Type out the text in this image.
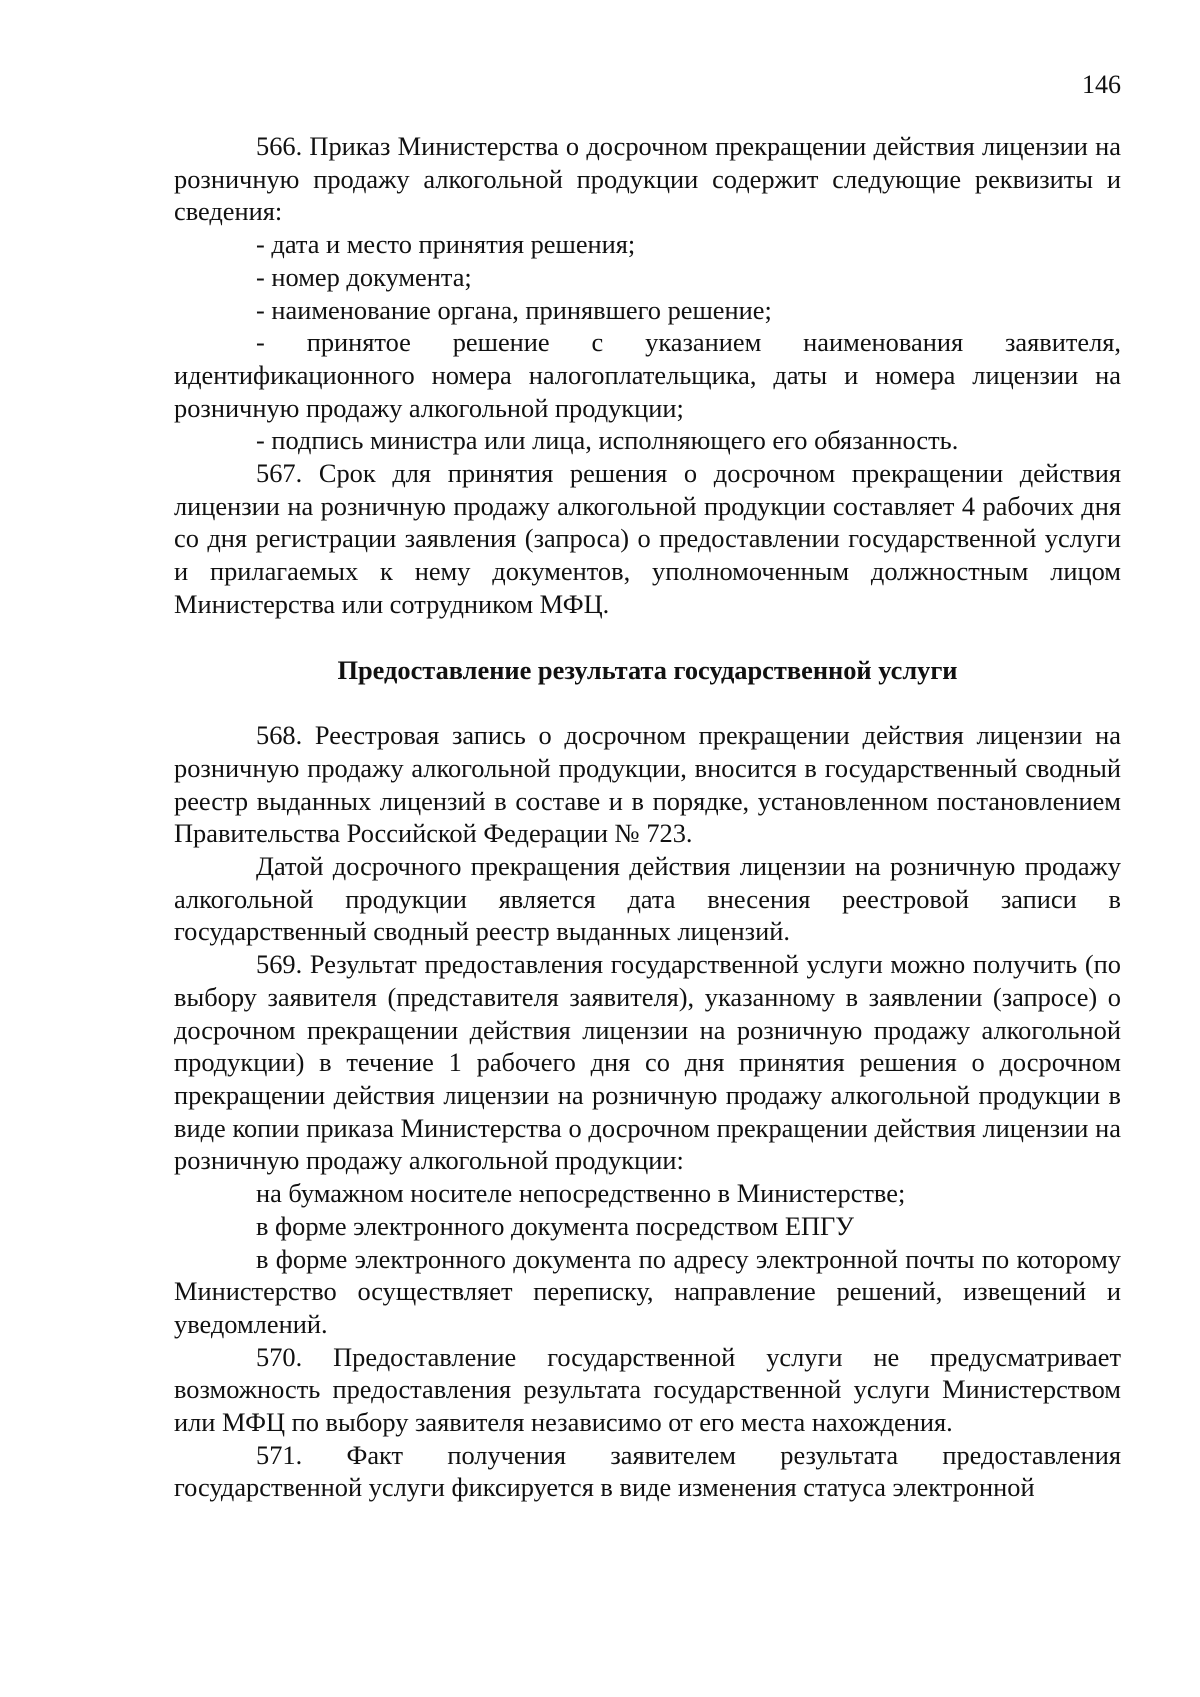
146

566. Приказ Министерства о досрочном прекращении действия лицензии на розничную продажу алкогольной продукции содержит следующие реквизиты и сведения:

- дата и место принятия решения;

- номер документа;

- наименование органа, принявшего решение;

- принятое решение с указанием наименования заявителя, идентификационного номера налогоплательщика, даты и номера лицензии на розничную продажу алкогольной продукции;

- подпись министра или лица, исполняющего его обязанность.

567. Срок для принятия решения о досрочном прекращении действия лицензии на розничную продажу алкогольной продукции составляет 4 рабочих дня со дня регистрации заявления (запроса) о предоставлении государственной услуги и прилагаемых к нему документов, уполномоченным должностным лицом Министерства или сотрудником МФЦ.

Предоставление результата государственной услуги

568. Реестровая запись о досрочном прекращении действия лицензии на розничную продажу алкогольной продукции, вносится в государственный сводный реестр выданных лицензий в составе и в порядке, установленном постановлением Правительства Российской Федерации № 723.

Датой досрочного прекращения действия лицензии на розничную продажу алкогольной продукции является дата внесения реестровой записи в государственный сводный реестр выданных лицензий.

569. Результат предоставления государственной услуги можно получить (по выбору заявителя (представителя заявителя), указанному в заявлении (запросе) о досрочном прекращении действия лицензии на розничную продажу алкогольной продукции) в течение 1 рабочего дня со дня принятия решения о досрочном прекращении действия лицензии на розничную продажу алкогольной продукции в виде копии приказа Министерства о досрочном прекращении действия лицензии на розничную продажу алкогольной продукции:

на бумажном носителе непосредственно в Министерстве;

в форме электронного документа посредством ЕПГУ

в форме электронного документа по адресу электронной почты по которому Министерство осуществляет переписку, направление решений, извещений и уведомлений.

570. Предоставление государственной услуги не предусматривает возможность предоставления результата государственной услуги Министерством или МФЦ по выбору заявителя независимо от его места нахождения.

571. Факт получения заявителем результата предоставления государственной услуги фиксируется в виде изменения статуса электронной
